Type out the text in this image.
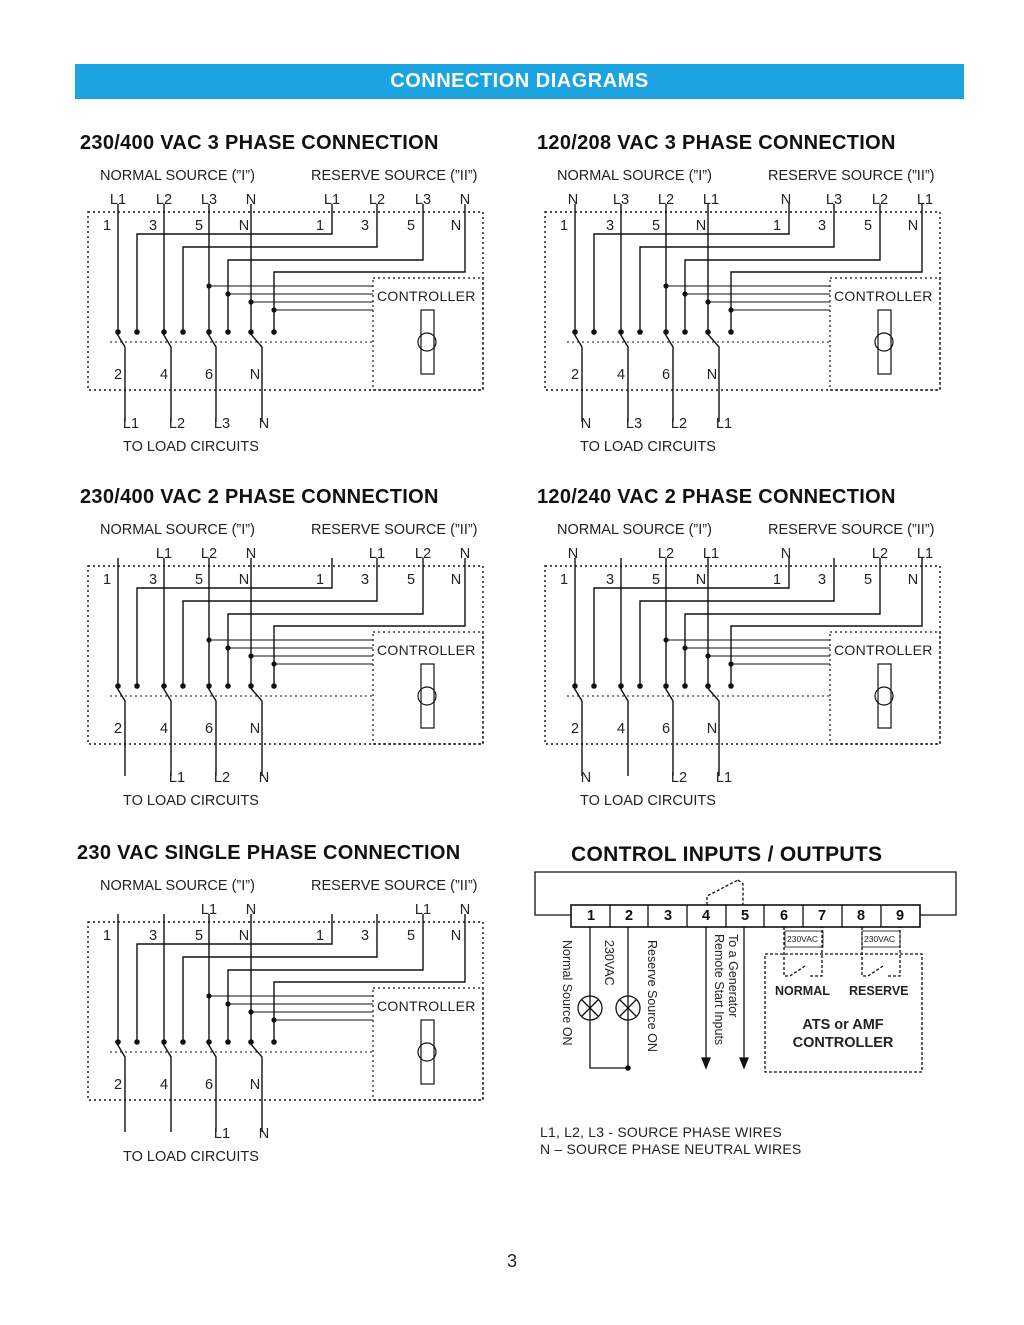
CONNECTION DIAGRAMS
230/400 VAC 3 PHASE CONNECTION
NORMAL SOURCE (”I”)	RESERVE SOURCE (”II”)
L1 L2 L3 N	L1 L2 L3 N
1	3	5 N	1	3	5 N
CONTROLLER
2	4	6	N
L1 L2 L3 N
TO LOAD CIRCUITS
120/208 VAC 3 PHASE CONNECTION
NORMAL SOURCE (”I”)	RESERVE SOURCE (”II”)
N L3 L2 L1	N L3 L2 L1
1	3	5 N	1	3	5 N
CONTROLLER
2	4	6	N
N L3 L2 L1
TO LOAD CIRCUITS
230/400 VAC 2 PHASE CONNECTION
NORMAL SOURCE (”I”)	RESERVE SOURCE (”II”)
L1 L2 N	L1 L2 N
1	3	5 N	1	3	5 N
CONTROLLER
2	4	6	N
L1 L2 N
TO LOAD CIRCUITS
120/240 VAC 2 PHASE CONNECTION
NORMAL SOURCE (”I”)	RESERVE SOURCE (”II”)
N	L2 L1	N	L2 L1
1	3	5 N	1	3	5 N
CONTROLLER
2	4	6	N
N	L2 L1
TO LOAD CIRCUITS
230 VAC SINGLE PHASE CONNECTION
NORMAL SOURCE (”I”)	RESERVE SOURCE (”II”)
L1 N	L1 N
1	3	5 N	1	3	5 N
CONTROLLER
2	4	6	N
L1 N
TO LOAD CIRCUITS
CONTROL INPUTS / OUTPUTS
1	2	3	4	5	6	7	8	9
Normal Source ON 230VAC Reserve Source ON	Remote Start Inputs To a Generator	230VAC	230VAC
NORMAL RESERVE
ATS or AMF
CONTROLLER
L1, L2, L3 - SOURCE PHASE WIRES
N – SOURCE PHASE NEUTRAL WIRES
3
